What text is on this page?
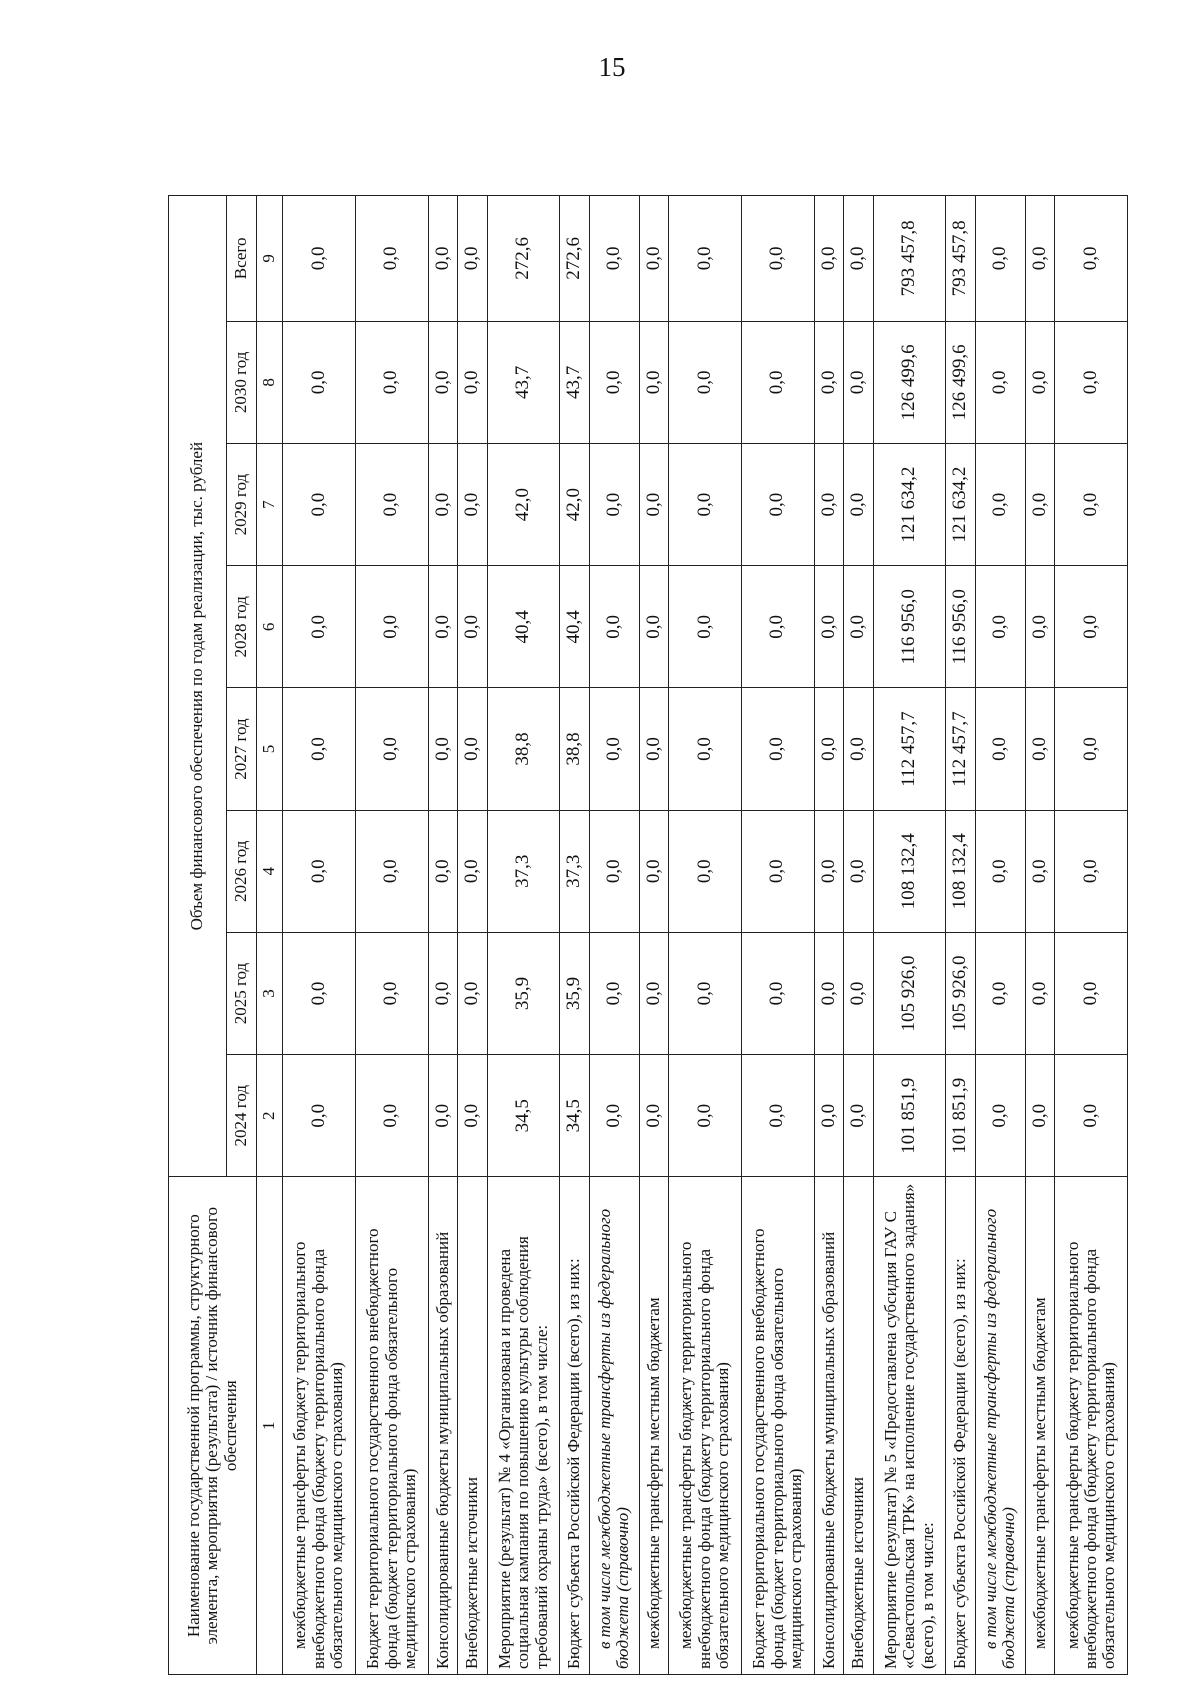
15
Наименование государственной программы, структурного элемента, мероприятия (результата) / источник финансового обеспечения	Объем финансового обеспечения по годам реализации, тыс. рублей							
	2024 год	2025 год	2026 год	2027 год	2028 год	2029 год	2030 год	Всего
1	2	3	4	5	6	7	8	9
межбюджетные трансферты бюджету территориального внебюджетного фонда (бюджету территориального фонда обязательного медицинского страхования)	0,0	0,0	0,0	0,0	0,0	0,0	0,0	0,0
Бюджет территориального государственного внебюджетного фонда (бюджет территориального фонда обязательного медицинского страхования)	0,0	0,0	0,0	0,0	0,0	0,0	0,0	0,0
Консолидированные бюджеты муниципальных образований	0,0	0,0	0,0	0,0	0,0	0,0	0,0	0,0
Внебюджетные источники	0,0	0,0	0,0	0,0	0,0	0,0	0,0	0,0
Мероприятие (результат) № 4 «Организована и проведена социальная кампания по повышению культуры соблюдения требований охраны труда» (всего), в том числе:	34,5	35,9	37,3	38,8	40,4	42,0	43,7	272,6
Бюджет субъекта Российской Федерации (всего), из них:	34,5	35,9	37,3	38,8	40,4	42,0	43,7	272,6
в том числе межбюджетные трансферты из федерального бюджета (справочно)	0,0	0,0	0,0	0,0	0,0	0,0	0,0	0,0
межбюджетные трансферты местным бюджетам	0,0	0,0	0,0	0,0	0,0	0,0	0,0	0,0
межбюджетные трансферты бюджету территориального внебюджетного фонда (бюджету территориального фонда обязательного медицинского страхования)	0,0	0,0	0,0	0,0	0,0	0,0	0,0	0,0
Бюджет территориального государственного внебюджетного фонда (бюджет территориального фонда обязательного медицинского страхования)	0,0	0,0	0,0	0,0	0,0	0,0	0,0	0,0
Консолидированные бюджеты муниципальных образований	0,0	0,0	0,0	0,0	0,0	0,0	0,0	0,0
Внебюджетные источники	0,0	0,0	0,0	0,0	0,0	0,0	0,0	0,0
Мероприятие (результат) № 5 «Предоставлена субсидия ГАУ С «Севастопольская ТРК» на исполнение государственного задания» (всего), в том числе:	101 851,9	105 926,0	108 132,4	112 457,7	116 956,0	121 634,2	126 499,6	793 457,8
Бюджет субъекта Российской Федерации (всего), из них:	101 851,9	105 926,0	108 132,4	112 457,7	116 956,0	121 634,2	126 499,6	793 457,8
в том числе межбюджетные трансферты из федерального бюджета (справочно)	0,0	0,0	0,0	0,0	0,0	0,0	0,0	0,0
межбюджетные трансферты местным бюджетам	0,0	0,0	0,0	0,0	0,0	0,0	0,0	0,0
межбюджетные трансферты бюджету территориального внебюджетного фонда (бюджету территориального фонда обязательного медицинского страхования)	0,0	0,0	0,0	0,0	0,0	0,0	0,0	0,0
